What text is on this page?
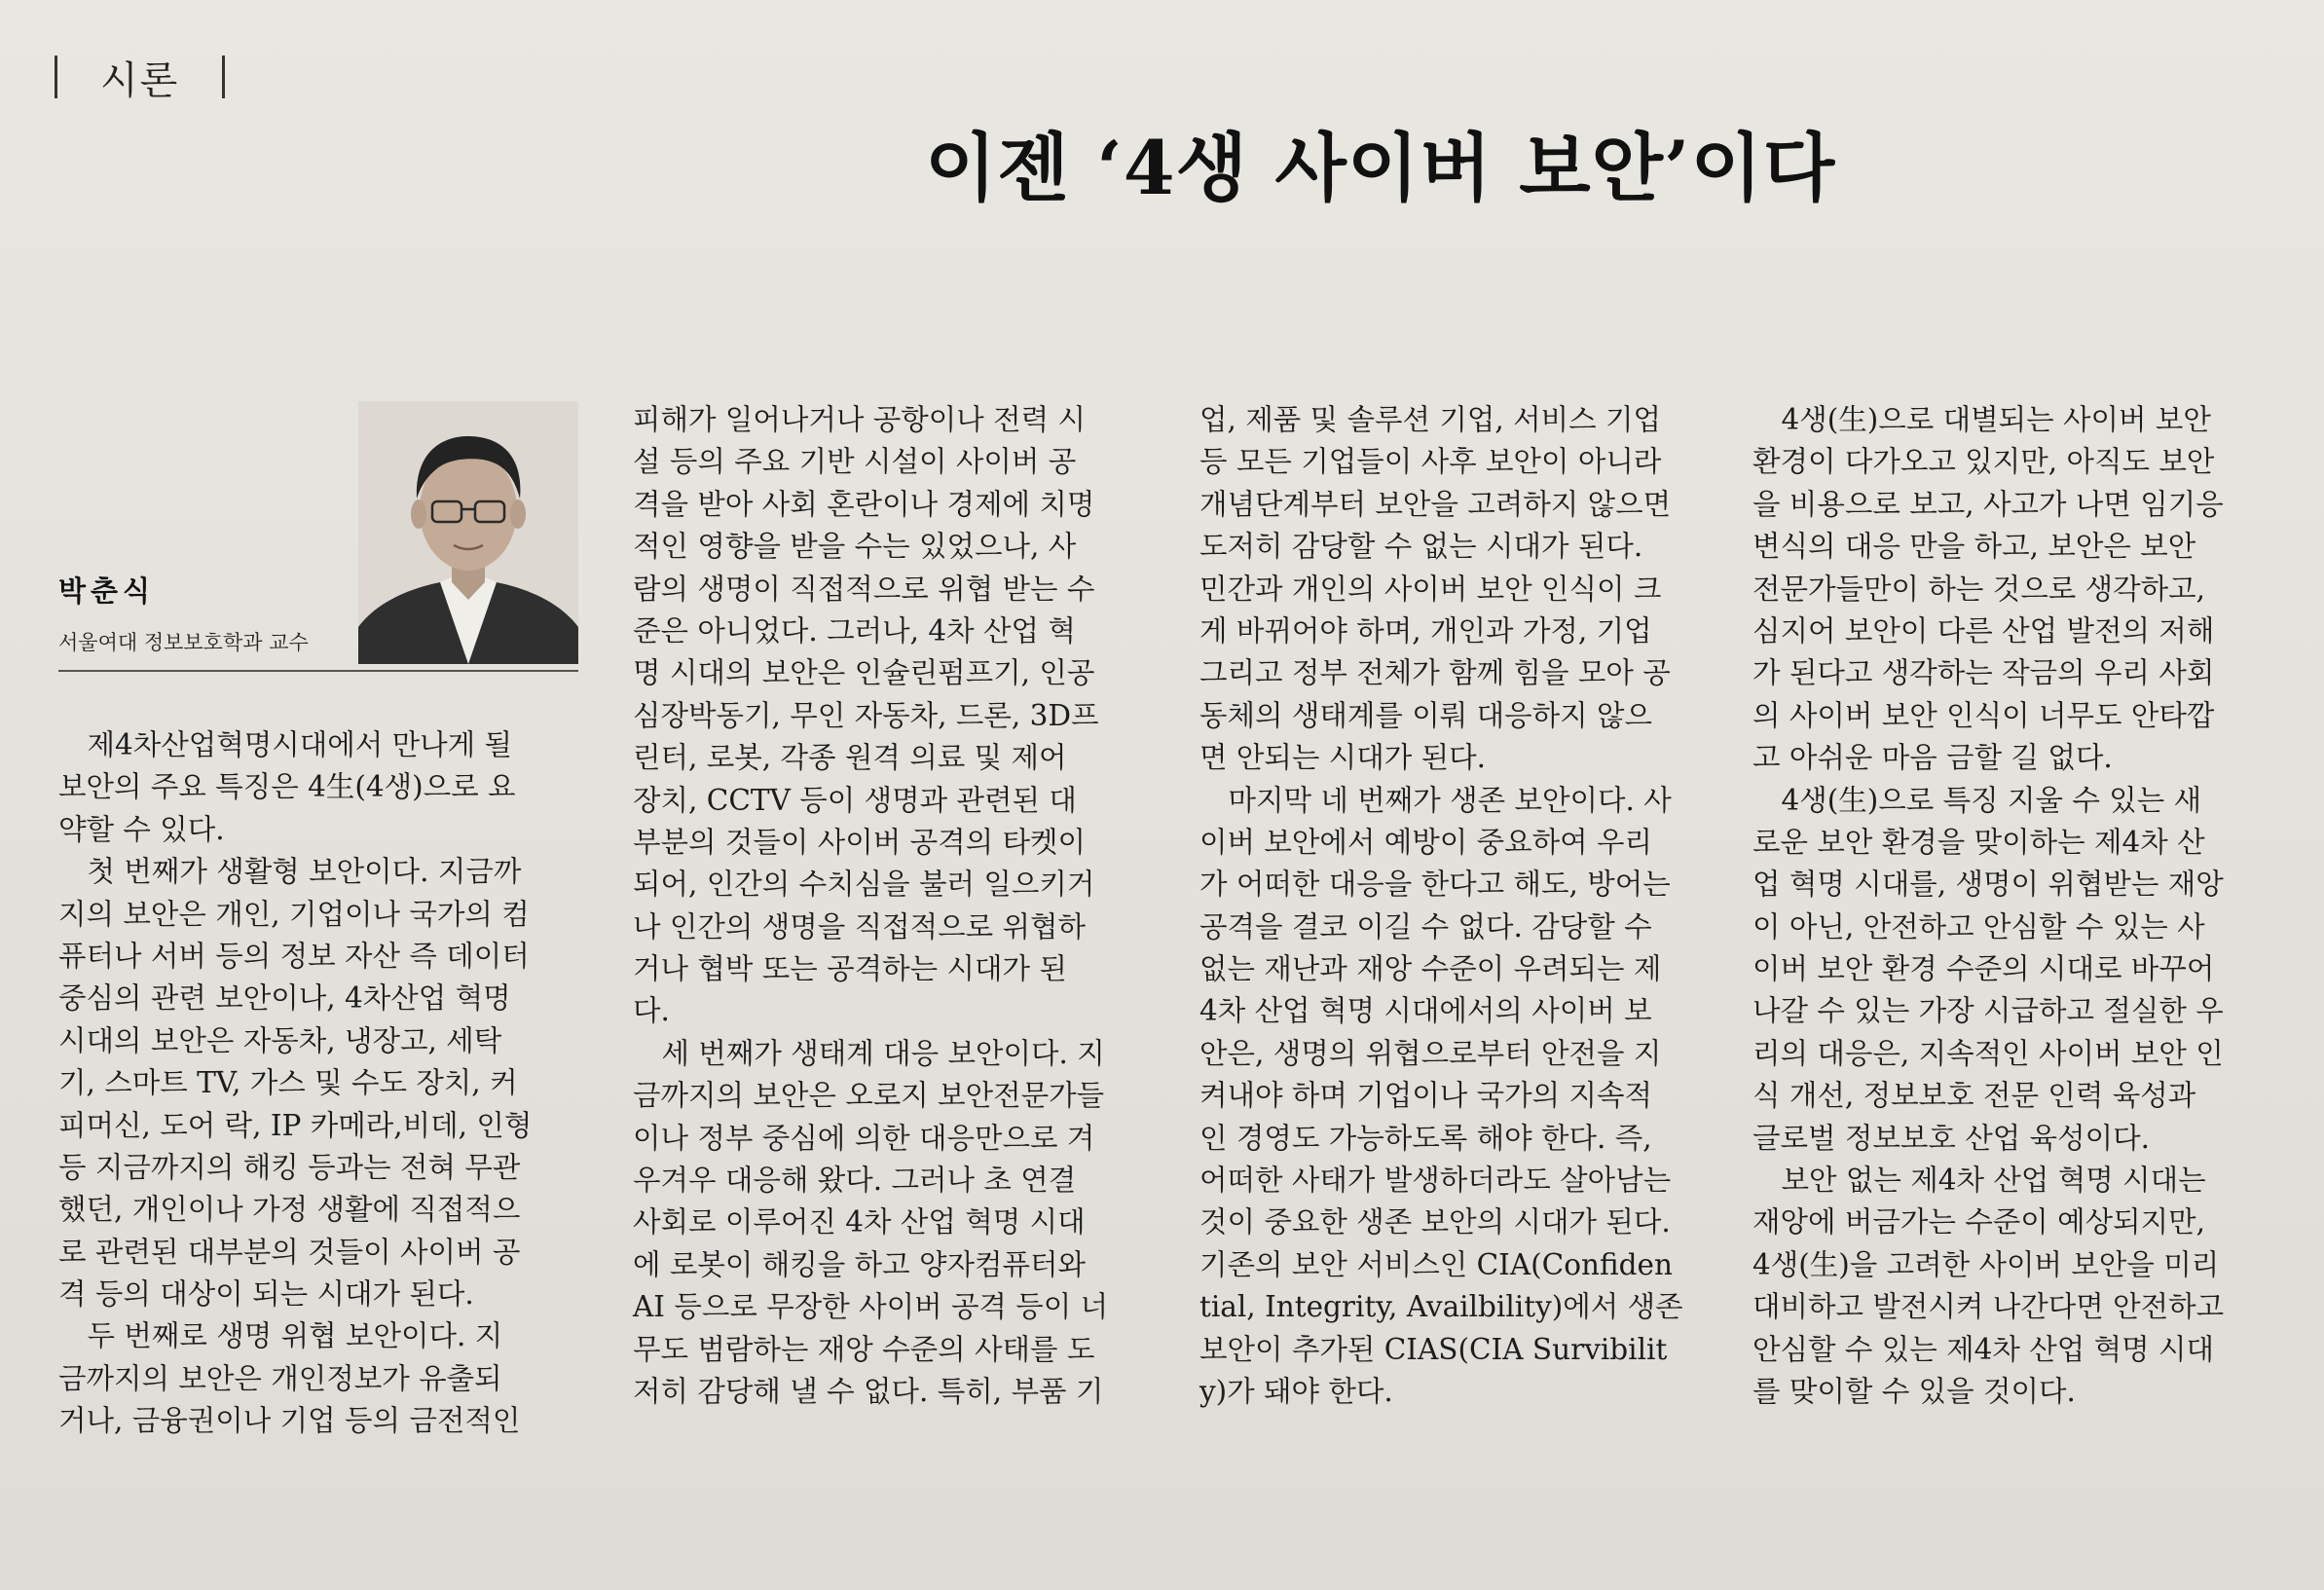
시론
이젠 ‘4생 사이버 보안’이다
박춘식
서울여대 정보보호학과 교수
　제4차산업혁명시대에서 만나게 될
보안의 주요 특징은 4生(4생)으로 요
약할 수 있다.
　첫 번째가 생활형 보안이다. 지금까
지의 보안은 개인, 기업이나 국가의 컴
퓨터나 서버 등의 정보 자산 즉 데이터
중심의 관련 보안이나, 4차산업 혁명
시대의 보안은 자동차, 냉장고, 세탁
기, 스마트 TV, 가스 및 수도 장치, 커
피머신, 도어 락, IP 카메라,비데, 인형
등 지금까지의 해킹 등과는 전혀 무관
했던, 개인이나 가정 생활에 직접적으
로 관련된 대부분의 것들이 사이버 공
격 등의 대상이 되는 시대가 된다.
　두 번째로 생명 위협 보안이다. 지
금까지의 보안은 개인정보가 유출되
거나, 금융권이나 기업 등의 금전적인
피해가 일어나거나 공항이나 전력 시
설 등의 주요 기반 시설이 사이버 공
격을 받아 사회 혼란이나 경제에 치명
적인 영향을 받을 수는 있었으나, 사
람의 생명이 직접적으로 위협 받는 수
준은 아니었다. 그러나, 4차 산업 혁
명 시대의 보안은 인슐린펌프기, 인공
심장박동기, 무인 자동차, 드론, 3D프
린터, 로봇, 각종 원격 의료 및 제어
장치, CCTV 등이 생명과 관련된 대
부분의 것들이 사이버 공격의 타켓이
되어, 인간의 수치심을 불러 일으키거
나 인간의 생명을 직접적으로 위협하
거나 협박 또는 공격하는 시대가 된
다.
　세 번째가 생태계 대응 보안이다. 지
금까지의 보안은 오로지 보안전문가들
이나 정부 중심에 의한 대응만으로 겨
우겨우 대응해 왔다. 그러나 초 연결
사회로 이루어진 4차 산업 혁명 시대
에 로봇이 해킹을 하고 양자컴퓨터와
AI 등으로 무장한 사이버 공격 등이 너
무도 범람하는 재앙 수준의 사태를 도
저히 감당해 낼 수 없다. 특히, 부품 기
업, 제품 및 솔루션 기업, 서비스 기업
등 모든 기업들이 사후 보안이 아니라
개념단계부터 보안을 고려하지 않으면
도저히 감당할 수 없는 시대가 된다.
민간과 개인의 사이버 보안 인식이 크
게 바뀌어야 하며, 개인과 가정, 기업
그리고 정부 전체가 함께 힘을 모아 공
동체의 생태계를 이뤄 대응하지 않으
면 안되는 시대가 된다.
　마지막 네 번째가 생존 보안이다. 사
이버 보안에서 예방이 중요하여 우리
가 어떠한 대응을 한다고 해도, 방어는
공격을 결코 이길 수 없다. 감당할 수
없는 재난과 재앙 수준이 우려되는 제
4차 산업 혁명 시대에서의 사이버 보
안은, 생명의 위협으로부터 안전을 지
켜내야 하며 기업이나 국가의 지속적
인 경영도 가능하도록 해야 한다. 즉,
어떠한 사태가 발생하더라도 살아남는
것이 중요한 생존 보안의 시대가 된다.
기존의 보안 서비스인 CIA(Confiden
tial, Integrity, Availbility)에서 생존
보안이 추가된 CIAS(CIA Survibilit
y)가 돼야 한다.
　4생(生)으로 대별되는 사이버 보안
환경이 다가오고 있지만, 아직도 보안
을 비용으로 보고, 사고가 나면 임기응
변식의 대응 만을 하고, 보안은 보안
전문가들만이 하는 것으로 생각하고,
심지어 보안이 다른 산업 발전의 저해
가 된다고 생각하는 작금의 우리 사회
의 사이버 보안 인식이 너무도 안타깝
고 아쉬운 마음 금할 길 없다.
　4생(生)으로 특징 지울 수 있는 새
로운 보안 환경을 맞이하는 제4차 산
업 혁명 시대를, 생명이 위협받는 재앙
이 아닌, 안전하고 안심할 수 있는 사
이버 보안 환경 수준의 시대로 바꾸어
나갈 수 있는 가장 시급하고 절실한 우
리의 대응은, 지속적인 사이버 보안 인
식 개선, 정보보호 전문 인력 육성과
글로벌 정보보호 산업 육성이다.
　보안 없는 제4차 산업 혁명 시대는
재앙에 버금가는 수준이 예상되지만,
4생(生)을 고려한 사이버 보안을 미리
대비하고 발전시켜 나간다면 안전하고
안심할 수 있는 제4차 산업 혁명 시대
를 맞이할 수 있을 것이다.
